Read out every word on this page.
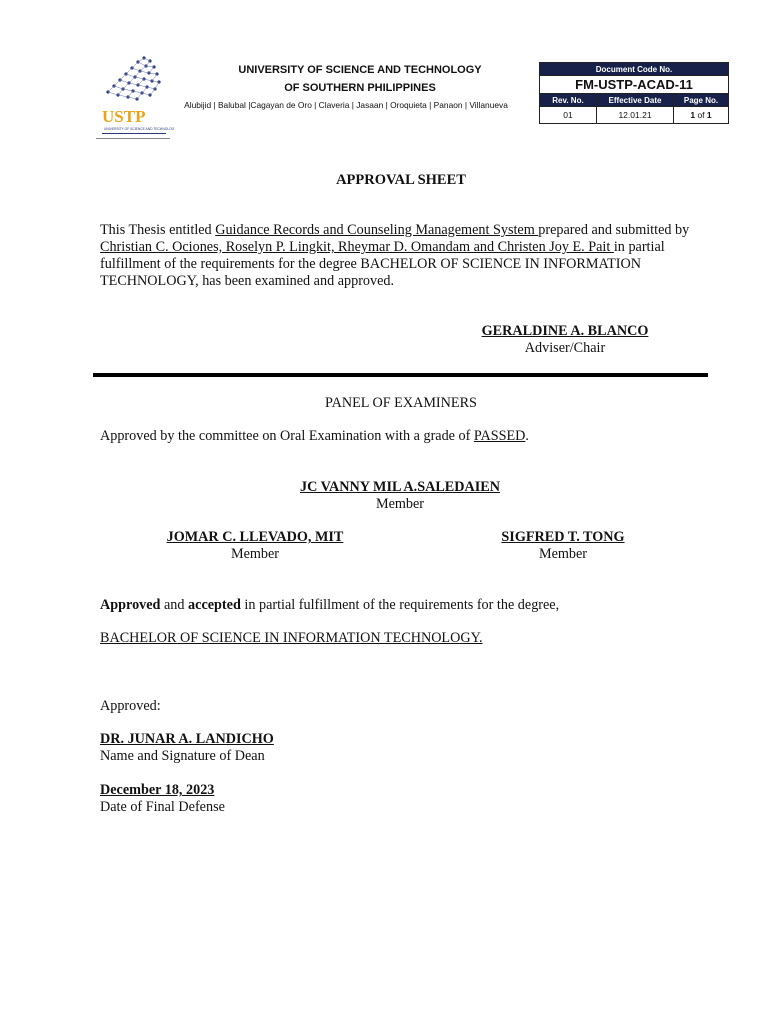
USTP
UNIVERSITY OF SCIENCE AND TECHNOLOGY
UNIVERSITY OF SCIENCE AND TECHNOLOGY
OF SOUTHERN PHILIPPINES
Alubijid | Balubal |Cagayan de Oro | Claveria | Jasaan | Oroquieta | Panaon | Villanueva
Document Code No.		
FM-USTP-ACAD-11		
Rev. No.	Effective Date	Page No.
01	12.01.21	1 of 1
APPROVAL SHEET
This Thesis entitled Guidance Records and Counseling Management System prepared and submitted by Christian C. Ociones, Roselyn P. Lingkit, Rheymar D. Omandam and Christen Joy E. Pait in partial fulfillment of the requirements for the degree BACHELOR OF SCIENCE IN INFORMATION TECHNOLOGY, has been examined and approved.
GERALDINE A. BLANCO
Adviser/Chair
PANEL OF EXAMINERS
Approved by the committee on Oral Examination with a grade of PASSED.
JC VANNY MIL A.SALEDAIEN
Member
JOMAR C. LLEVADO, MIT
Member
SIGFRED T. TONG
Member
Approved and accepted in partial fulfillment of the requirements for the degree,
BACHELOR OF SCIENCE IN INFORMATION TECHNOLOGY.
Approved:
DR. JUNAR A. LANDICHO
Name and Signature of Dean
December 18, 2023
Date of Final Defense
